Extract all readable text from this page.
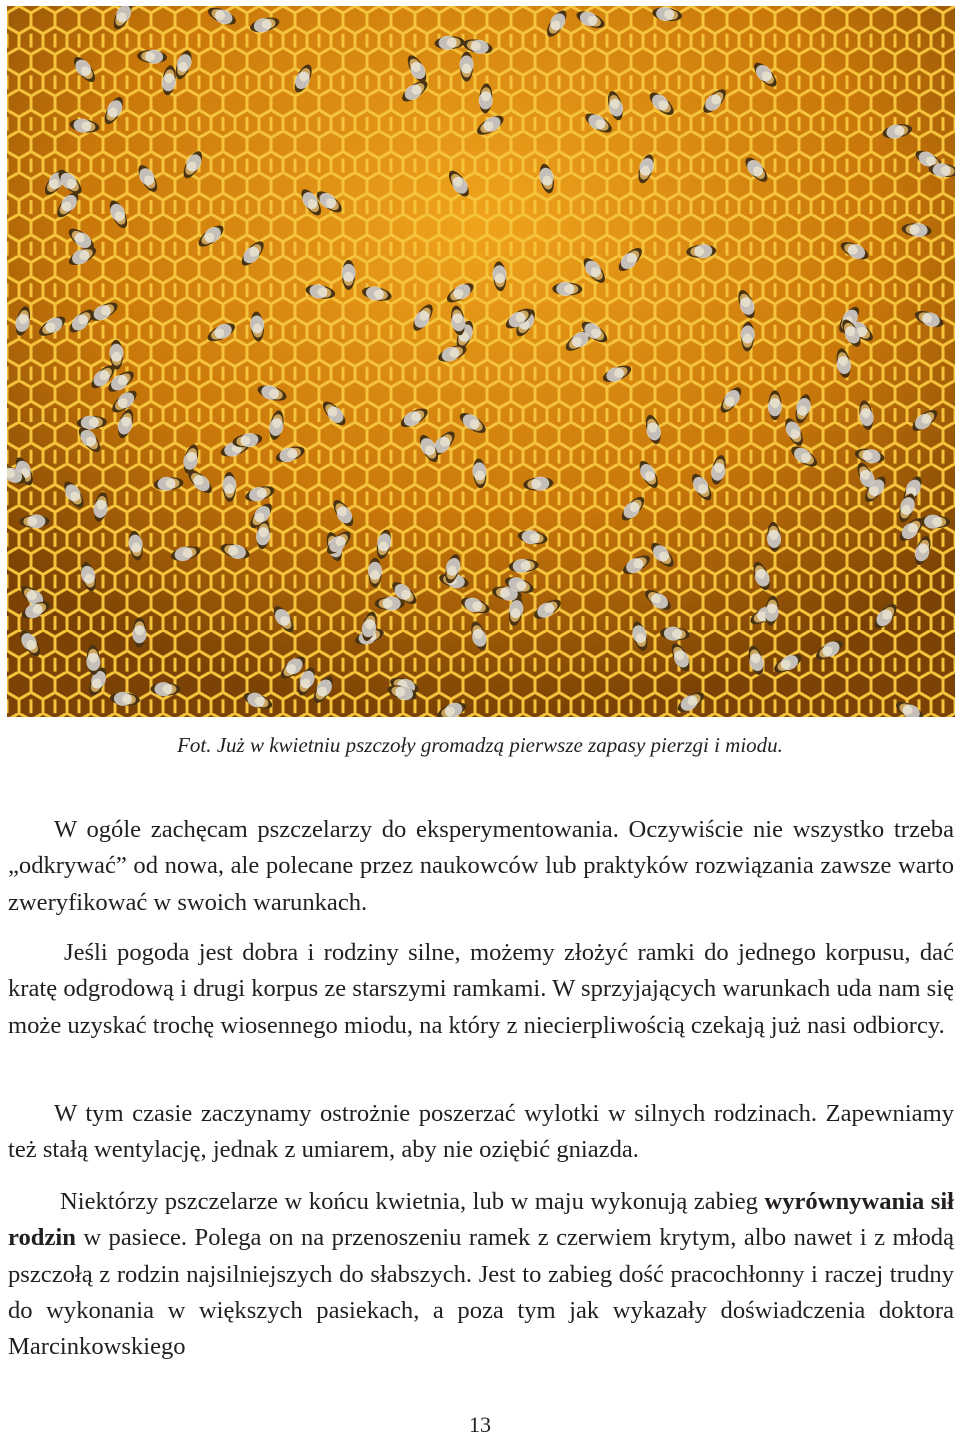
Fot. Już w kwietniu pszczoły gromadzą pierwsze zapasy pierzgi i miodu.

W ogóle zachęcam pszczelarzy do eksperymentowania. Oczywiście nie wszystko trzeba „odkrywać” od nowa, ale polecane przez naukowców lub praktyków rozwiązania zawsze warto zweryfikować w swoich warunkach.

Jeśli pogoda jest dobra i rodziny silne, możemy złożyć ramki do jednego korpusu, dać kratę odgrodową i drugi korpus ze starszymi ramkami. W sprzyjających warunkach uda nam się może uzyskać trochę wiosennego miodu, na który z niecierpliwością czekają już nasi odbiorcy.

W tym czasie zaczynamy ostrożnie poszerzać wylotki w silnych rodzinach. Zapewniamy też stałą wentylację, jednak z umiarem, aby nie oziębić gniazda.

Niektórzy pszczelarze w końcu kwietnia, lub w maju wykonują zabieg wyrównywania sił rodzin w pasiece. Polega on na przenoszeniu ramek z czerwiem krytym, albo nawet i z młodą pszczołą z rodzin najsilniejszych do słabszych. Jest to zabieg dość pracochłonny i raczej trudny do wykonania w większych pasiekach, a poza tym jak wykazały doświadczenia doktora Marcinkowskiego

13
